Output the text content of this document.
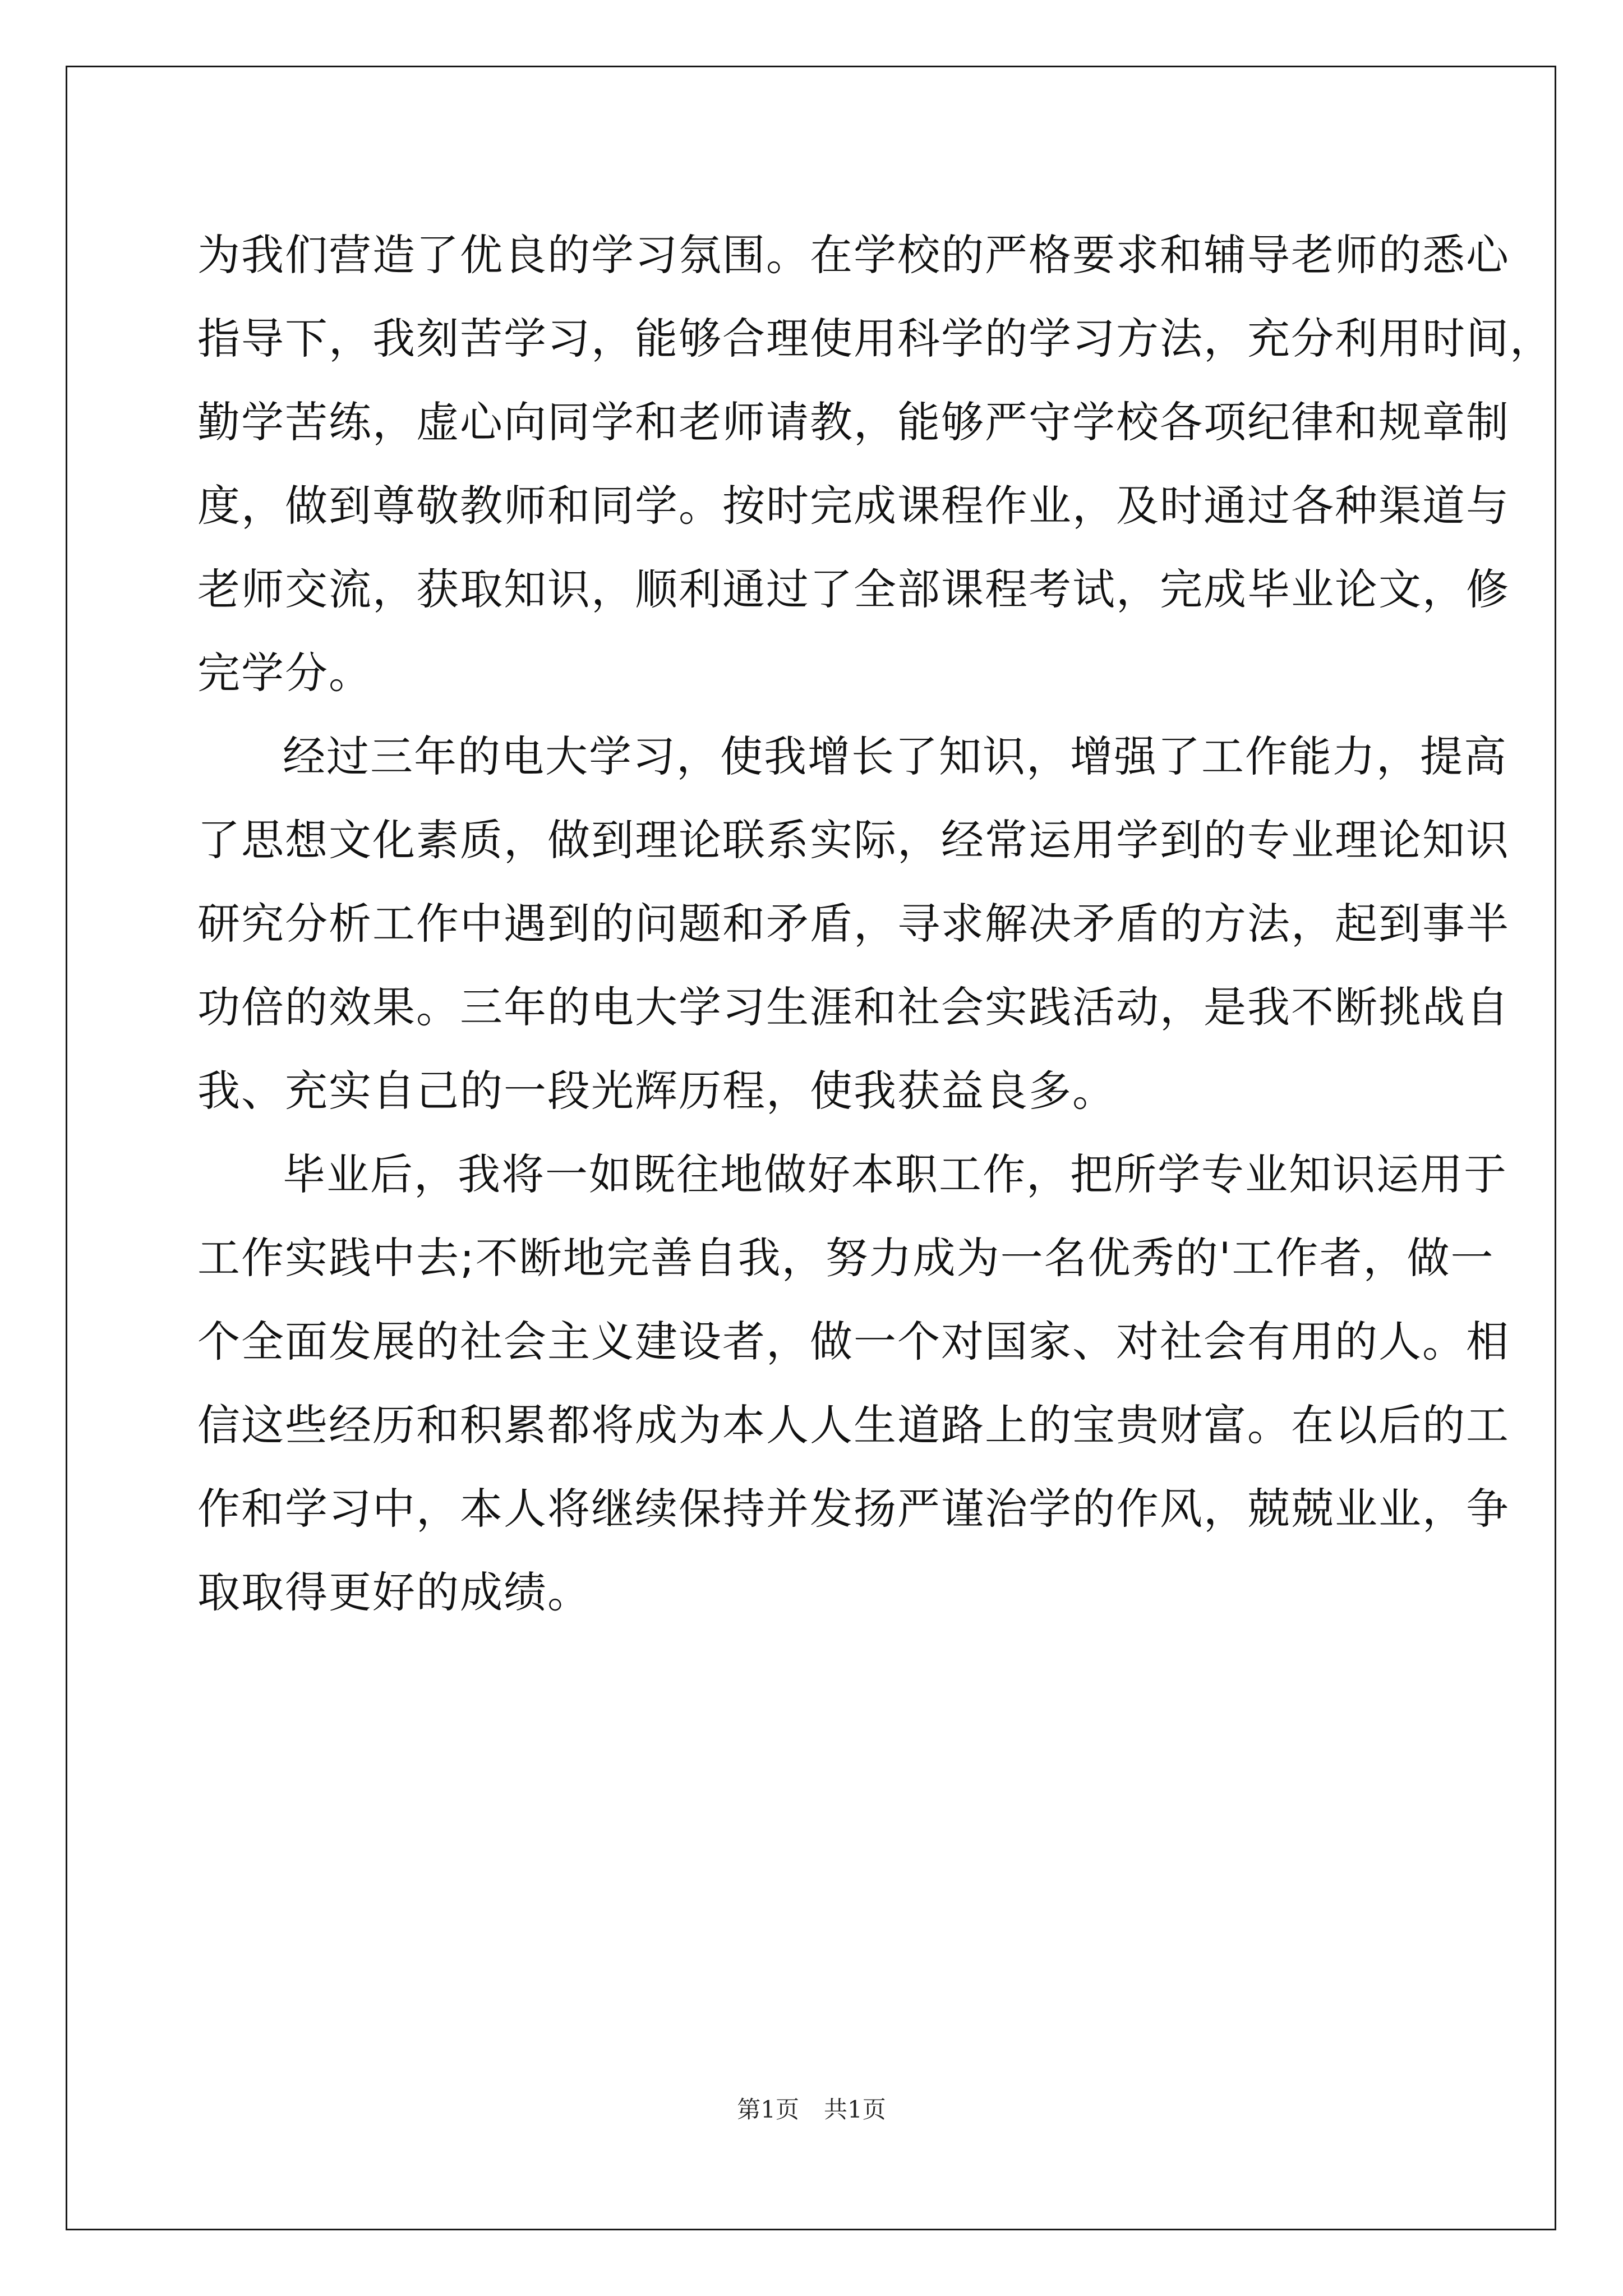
为 我 们 营 造 了 优 良 的 学 习 氛 围 。 在 学 校 的 严 格 要 求 和 辅 导 老 师 的 悉 心
指 导 下 ， 我 刻 苦 学 习 ， 能 够 合 理 使 用 科 学 的 学 习 方 法 ， 充 分 利 用 时 间 ，
勤 学 苦 练 ， 虚 心 向 同 学 和 老 师 请 教 ， 能 够 严 守 学 校 各 项 纪 律 和 规 章 制
度 ， 做 到 尊 敬 教 师 和 同 学 。 按 时 完 成 课 程 作 业 ， 及 时 通 过 各 种 渠 道 与
老 师 交 流 ， 获 取 知 识 ， 顺 利 通 过 了 全 部 课 程 考 试 ， 完 成 毕 业 论 文 ， 修
完学分。
经过三年的电大学习，使我增长了知识，增强了工作能力，提高
了 思 想 文 化 素 质 ， 做 到 理 论 联 系 实 际 ， 经 常 运 用 学 到 的 专 业 理 论 知 识
研 究 分 析 工 作 中 遇 到 的 问 题 和 矛 盾 ， 寻 求 解 决 矛 盾 的 方 法 ， 起 到 事 半
功 倍 的 效 果 。 三 年 的 电 大 学 习 生 涯 和 社 会 实 践 活 动 ， 是 我 不 断 挑 战 自
我、充实自己的一段光辉历程，使我获益良多。
毕业后，我将一如既往地做好本职工作，把所学专业知识运用于
工 作 实 践 中 去 ; 不 断 地 完 善 自 我 ， 努 力 成 为 一 名 优 秀 的 ' 工 作 者 ， 做 一
个 全 面 发 展 的 社 会 主 义 建 设 者 ， 做 一 个 对 国 家 、 对 社 会 有 用 的 人 。 相
信 这 些 经 历 和 积 累 都 将 成 为 本 人 人 生 道 路 上 的 宝 贵 财 富 。 在 以 后 的 工
作 和 学 习 中 ， 本 人 将 继 续 保 持 并 发 扬 严 谨 治 学 的 作 风 ， 兢 兢 业 业 ， 争
取取得更好的成绩。
第1页 共1页
